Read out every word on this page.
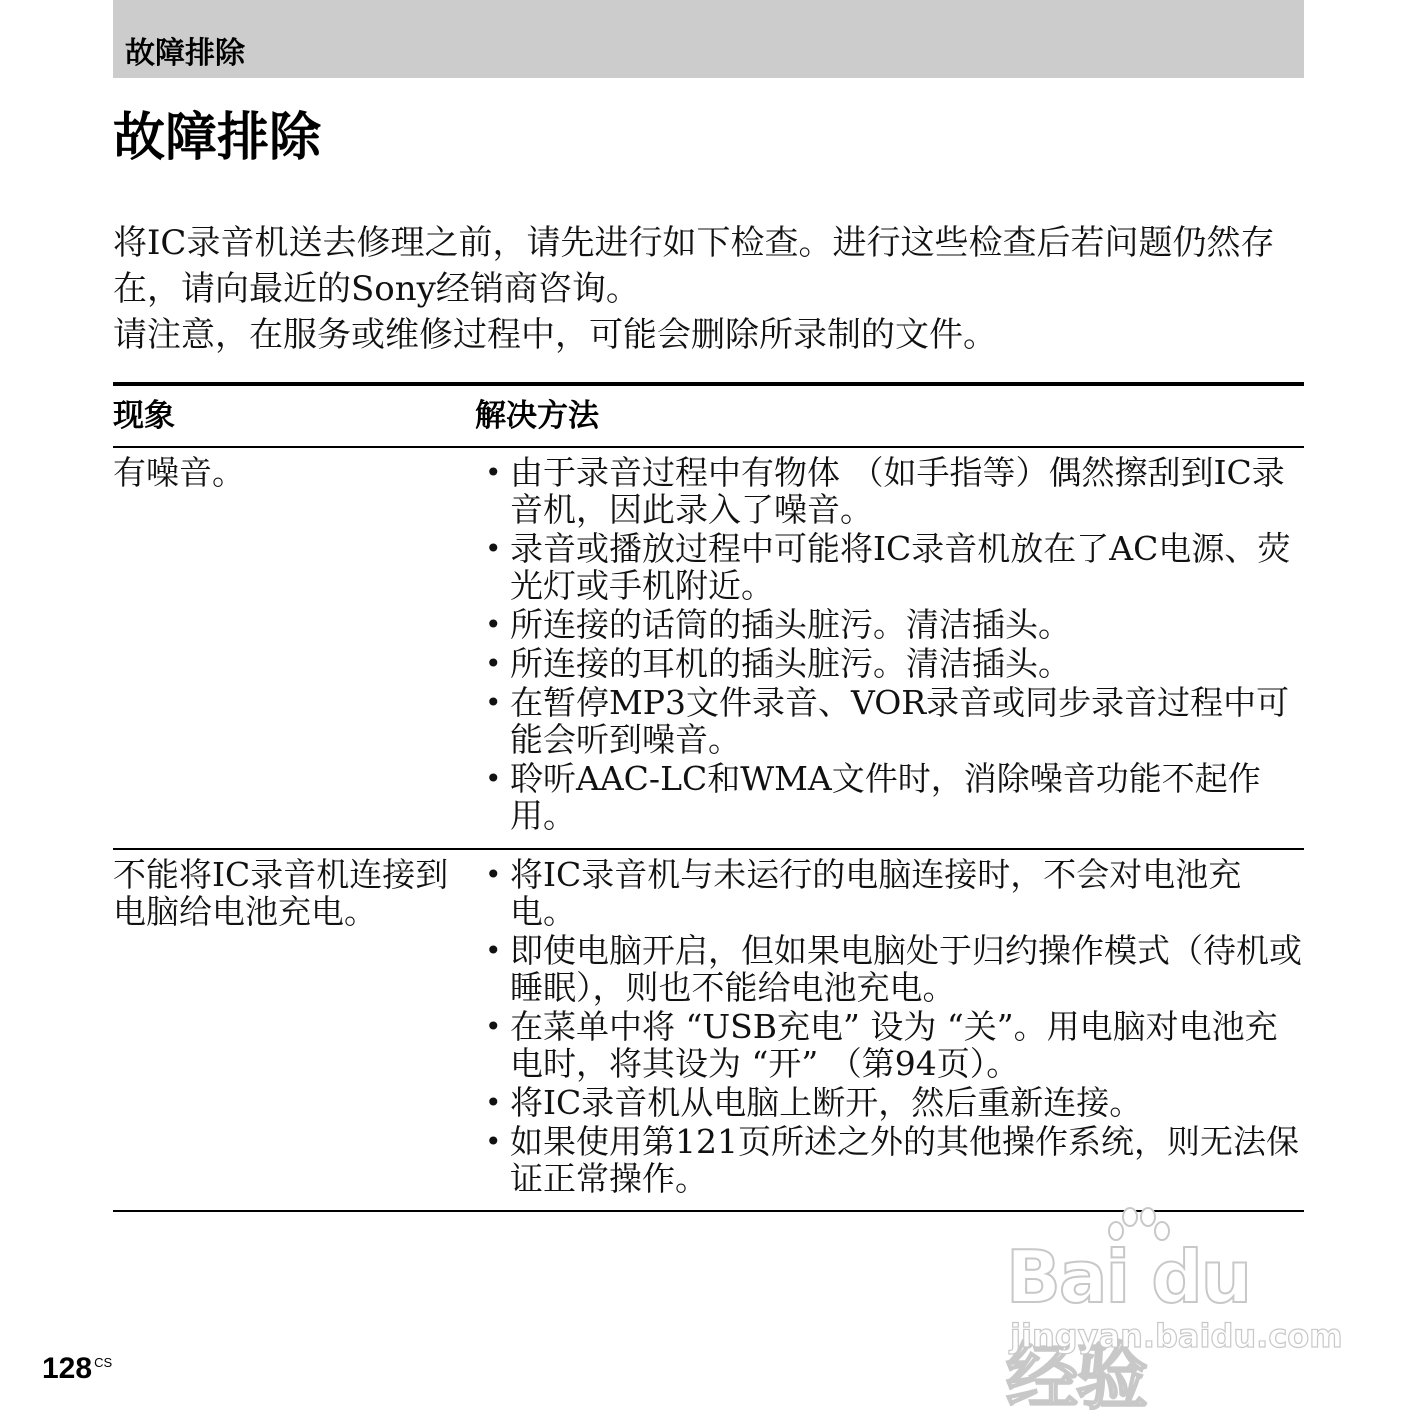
故障排除
故障排除

将IC录音机送去修理之前，请先进行如下检查。进行这些检查后若问题仍然存在，请向最近的Sony经销商咨询。

请注意，在服务或维修过程中，可能会删除所录制的文件。

现象	解决方法
有噪音。	• 由于录音过程中有物体 （如手指等）偶然擦刮到IC录音机，因此录入了噪音。
• 录音或播放过程中可能将IC录音机放在了AC电源、荧光灯或手机附近。
• 所连接的话筒的插头脏污。清洁插头。
• 所连接的耳机的插头脏污。清洁插头。
• 在暂停MP3文件录音、VOR录音或同步录音过程中可能会听到噪音。
• 聆听AAC-LC和WMA文件时，消除噪音功能不起作用。
不能将IC录音机连接到电脑给电池充电。
• 将IC录音机与未运行的电脑连接时，不会对电池充电。
• 即使电脑开启，但如果电脑处于归约操作模式（待机或睡眠），则也不能给电池充电。
• 在菜单中将 “USB充电” 设为 “关”。用电脑对电池充电时，将其设为 “开” （第94页）。
• 将IC录音机从电脑上断开，然后重新连接。
• 如果使用第121页所述之外的其他操作系统，则无法保证正常操作。
Bai du 经验
jingyan.baidu.com
128 $^{CS}$
